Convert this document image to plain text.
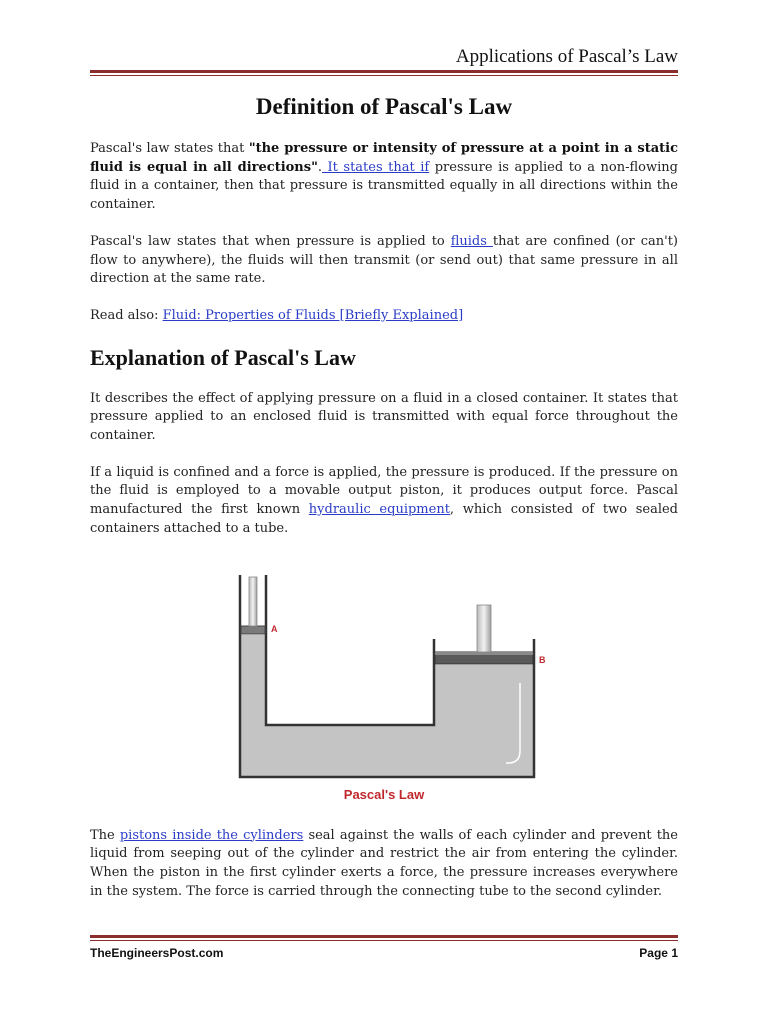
Applications of Pascal’s Law
Definition of Pascal's Law

Pascal's law states that "the pressure or intensity of pressure at a point in a static fluid is equal in all directions". It states that if pressure is applied to a non-flowing fluid in a container, then that pressure is transmitted equally in all directions within the container.

Pascal's law states that when pressure is applied to fluids that are confined (or can't) flow to anywhere), the fluids will then transmit (or send out) that same pressure in all direction at the same rate.

Read also: Fluid: Properties of Fluids [Briefly Explained]

Explanation of Pascal's Law

It describes the effect of applying pressure on a fluid in a closed container. It states that pressure applied to an enclosed fluid is transmitted with equal force throughout the container.

If a liquid is confined and a force is applied, the pressure is produced. If the pressure on the fluid is employed to a movable output piston, it produces output force. Pascal manufactured the first known hydraulic equipment, which consisted of two sealed containers attached to a tube.

A
B
Pascal's Law

The pistons inside the cylinders seal against the walls of each cylinder and prevent the liquid from seeping out of the cylinder and restrict the air from entering the cylinder. When the piston in the first cylinder exerts a force, the pressure increases everywhere in the system. The force is carried through the connecting tube to the second cylinder.

TheEngineersPost.com	Page 1
